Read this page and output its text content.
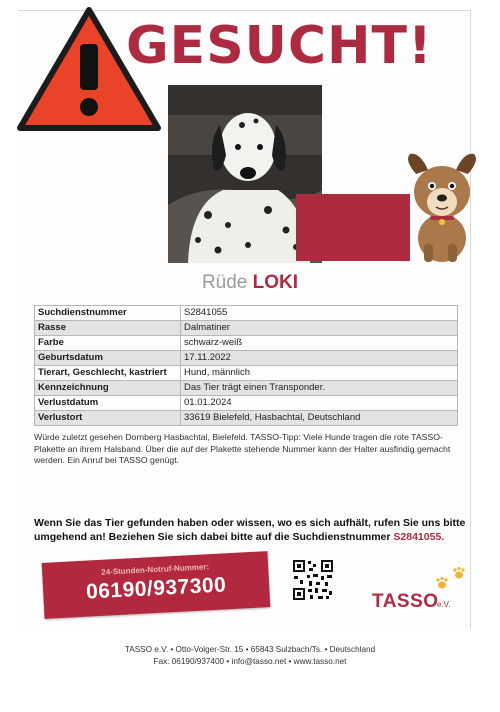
GESUCHT!
Rüde LOKI
Suchdienstnummer	S2841055
Rasse	Dalmatiner
Farbe	schwarz-weiß
Geburtsdatum	17.11.2022
Tierart, Geschlecht, kastriert	Hund, männlich
Kennzeichnung	Das Tier trägt einen Transponder.
Verlustdatum	01.01.2024
Verlustort	33619 Bielefeld, Hasbachtal, Deutschland

Würde zuletzt gesehen Dornberg Hasbachtal, Bielefeld. TASSO-Tipp: Viele Hunde tragen die rote TASSO-Plakette an ihrem Halsband. Über die auf der Plakette stehende Nummer kann der Halter ausfindig gemacht werden. Ein Anruf bei TASSO genügt.

Wenn Sie das Tier gefunden haben oder wissen, wo es sich aufhält, rufen Sie uns bitte umgehend an! Beziehen Sie sich dabei bitte auf die Suchdienstnummer S2841055.

24-Stunden-Notruf-Nummer:
06190/937300	TASSO
e.V.
TASSO e.V. • Otto-Volger-Str. 15 • 65843 Sulzbach/Ts. • Deutschland
Fax: 06190/937400 • info@tasso.net • www.tasso.net
